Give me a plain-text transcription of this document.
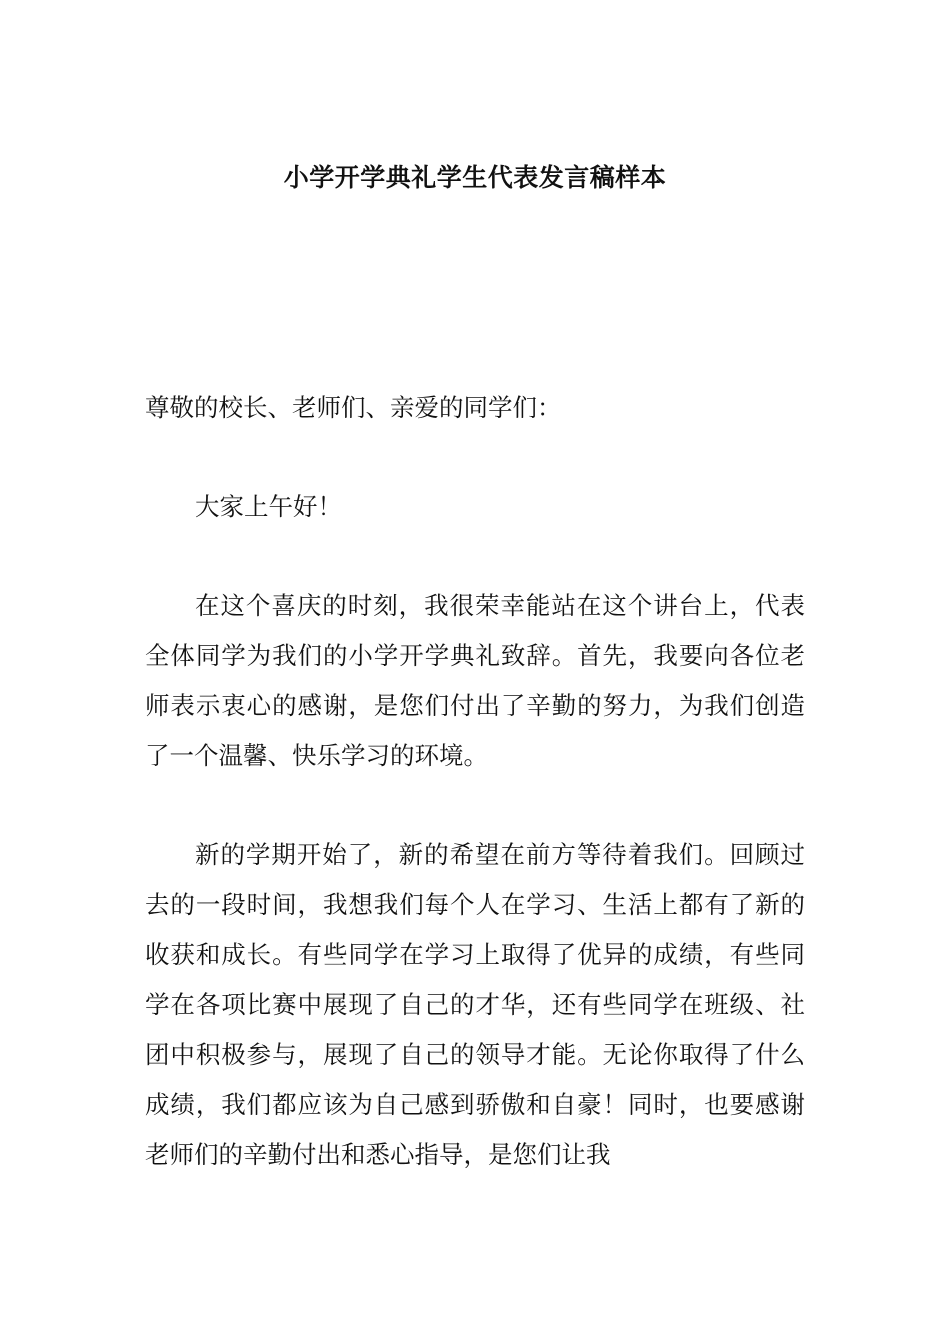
小学开学典礼学生代表发言稿样本

尊敬的校长、老师们、亲爱的同学们：

大家上午好！

在这个喜庆的时刻，我很荣幸能站在这个讲台上，代表全体同学为我们的小学开学典礼致辞。首先，我要向各位老师表示衷心的感谢，是您们付出了辛勤的努力，为我们创造了一个温馨、快乐学习的环境。

新的学期开始了，新的希望在前方等待着我们。回顾过去的一段时间，我想我们每个人在学习、生活上都有了新的收获和成长。有些同学在学习上取得了优异的成绩，有些同学在各项比赛中展现了自己的才华，还有些同学在班级、社团中积极参与，展现了自己的领导才能。无论你取得了什么成绩，我们都应该为自己感到骄傲和自豪！同时，也要感谢老师们的辛勤付出和悉心指导，是您们让我
